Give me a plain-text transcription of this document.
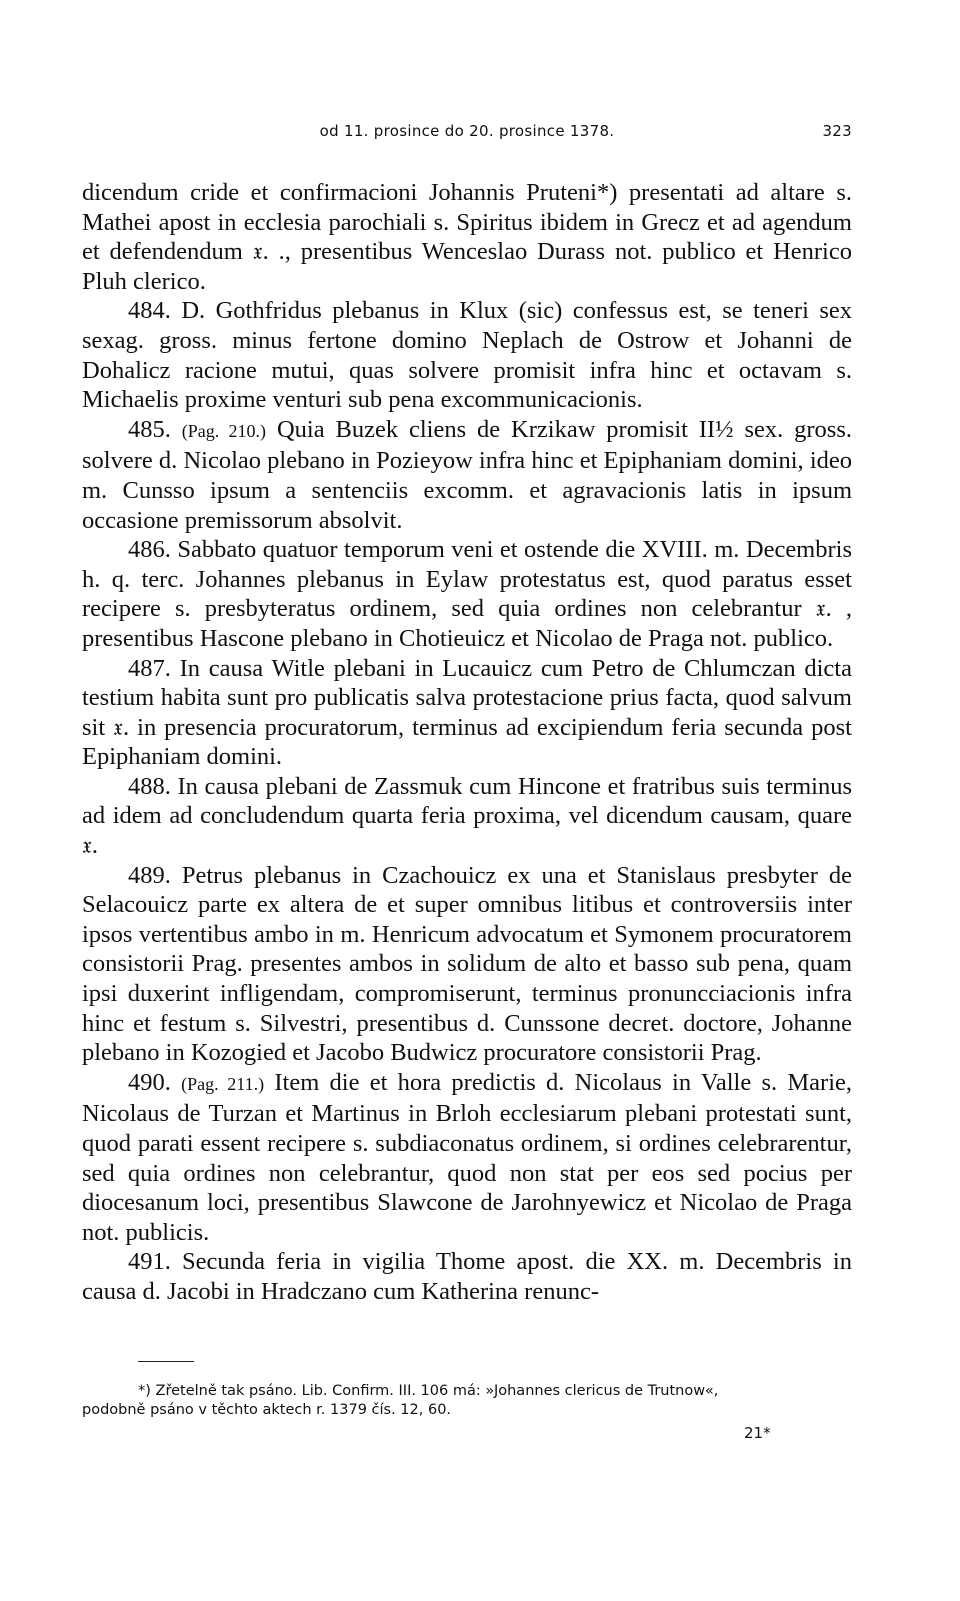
od 11. prosince do 20. prosince 1378.	323

dicendum cride et confirmacioni Johannis Pruteni*) presentati ad altare s. Mathei apost in ecclesia parochiali s. Spiritus ibidem in Grecz et ad agendum et defendendum 𝔵. ., presentibus Wenceslao Durass not. publico et Henrico Pluh clerico.

484. D. Gothfridus plebanus in Klux (sic) confessus est, se teneri sex sexag. gross. minus fertone domino Neplach de Ostrow et Johanni de Dohalicz racione mutui, quas solvere promisit infra hinc et octavam s. Michaelis proxime venturi sub pena excommunicacionis.

485. (Pag. 210.) Quia Buzek cliens de Krzikaw promisit II½ sex. gross. solvere d. Nicolao plebano in Pozieyow infra hinc et Epiphaniam domini, ideo m. Cunsso ipsum a sentenciis excomm. et agravacionis latis in ipsum occasione premissorum absolvit.

486. Sabbato quatuor temporum veni et ostende die XVIII. m. Decembris h. q. terc. Johannes plebanus in Eylaw protestatus est, quod paratus esset recipere s. presbyteratus ordinem, sed quia ordines non celebrantur 𝔵. , presentibus Hascone plebano in Chotieuicz et Nicolao de Praga not. publico.

487. In causa Witle plebani in Lucauicz cum Petro de Chlumczan dicta testium habita sunt pro publicatis salva protestacione prius facta, quod salvum sit 𝔵. in presencia procuratorum, terminus ad excipiendum feria secunda post Epiphaniam domini.

488. In causa plebani de Zassmuk cum Hincone et fratribus suis terminus ad idem ad concludendum quarta feria proxima, vel dicendum causam, quare 𝔵.

489. Petrus plebanus in Czachouicz ex una et Stanislaus presbyter de Selacouicz parte ex altera de et super omnibus litibus et controversiis inter ipsos vertentibus ambo in m. Henricum advocatum et Symonem procuratorem consistorii Prag. presentes ambos in solidum de alto et basso sub pena, quam ipsi duxerint infligendam, compromiserunt, terminus pronuncciacionis infra hinc et festum s. Silvestri, presentibus d. Cunssone decret. doctore, Johanne plebano in Kozogied et Jacobo Budwicz procuratore consistorii Prag.

490. (Pag. 211.) Item die et hora predictis d. Nicolaus in Valle s. Marie, Nicolaus de Turzan et Martinus in Brloh ecclesiarum plebani protestati sunt, quod parati essent recipere s. subdiaconatus ordinem, si ordines celebrarentur, sed quia ordines non celebrantur, quod non stat per eos sed pocius per diocesanum loci, presentibus Slawcone de Jarohnyewicz et Nicolao de Praga not. publicis.

491. Secunda feria in vigilia Thome apost. die XX. m. Decembris in causa d. Jacobi in Hradczano cum Katherina renunc-

*) Zřetelně tak psáno. Lib. Confirm. III. 106 má: »Johannes clericus de Trutnow«,

podobně psáno v těchto aktech r. 1379 čís. 12, 60.

21*
